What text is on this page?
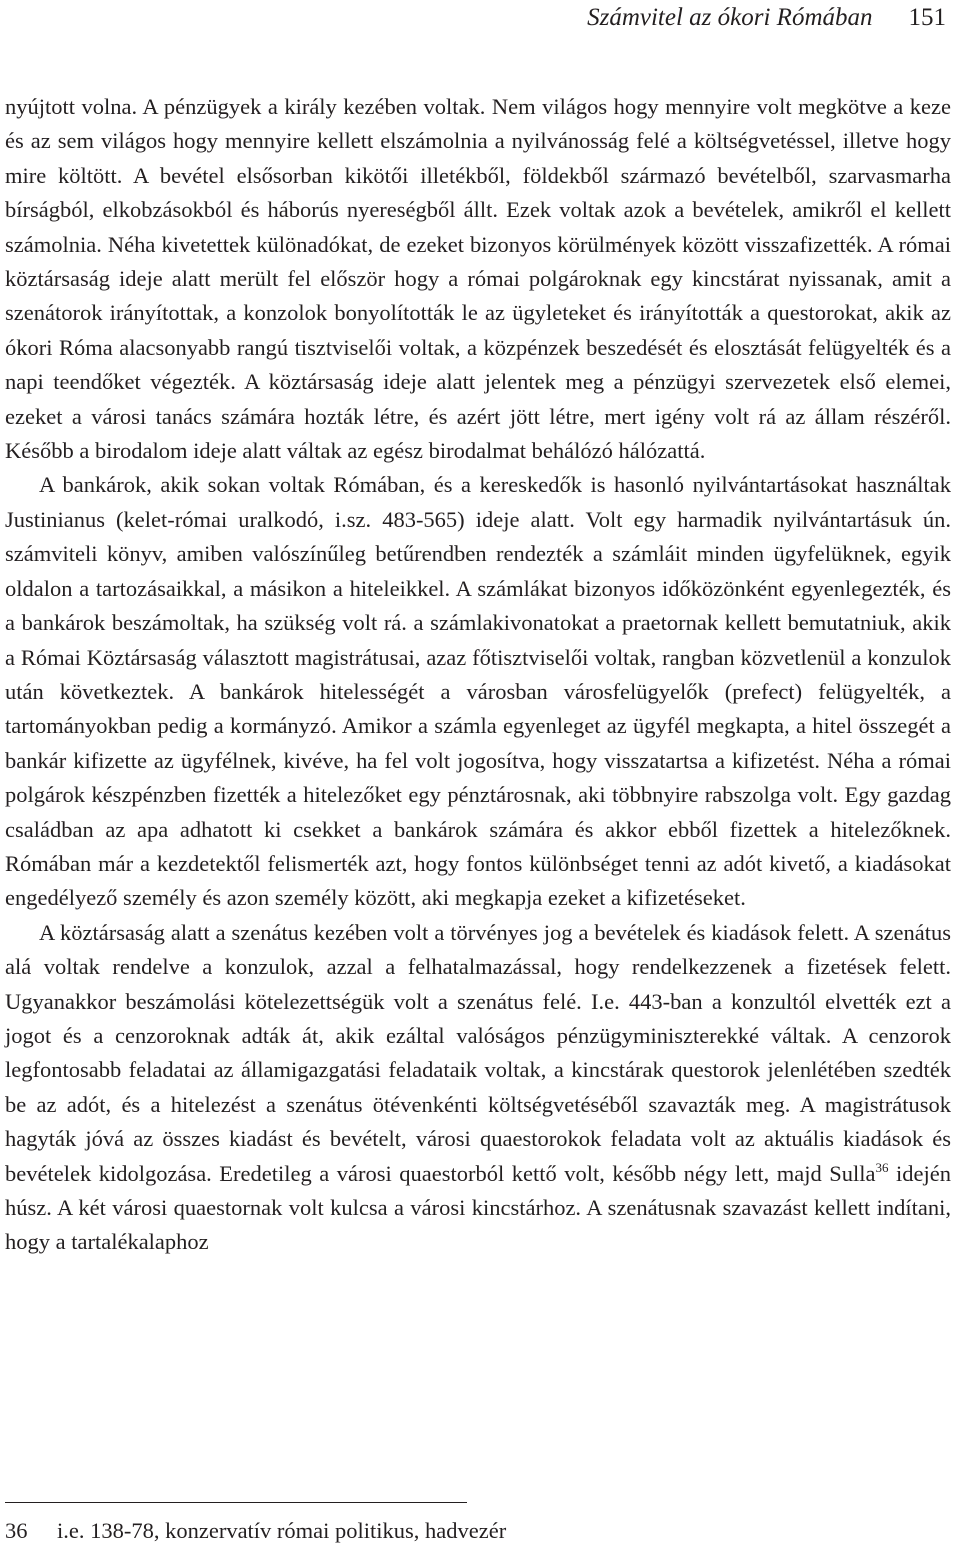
Számvitel az ókori Rómában 151

nyújtott volna. A pénzügyek a király kezében voltak. Nem világos hogy mennyire volt megkötve a keze és az sem világos hogy mennyire kellett elszámolnia a nyilvánosság felé a költségvetéssel, illetve hogy mire költött. A bevétel elsősorban kikötői illetékből, földekből származó bevételből, szarvasmarha bírságból, elkobzásokból és háborús nyereségből állt. Ezek voltak azok a bevételek, amikről el kellett számolnia. Néha kivetettek különadókat, de ezeket bizonyos körülmények között visszafizették. A római köztársaság ideje alatt merült fel először hogy a római polgároknak egy kincstárat nyissanak, amit a szenátorok irányítottak, a konzolok bonyolították le az ügyleteket és irányították a questorokat, akik az ókori Róma alacsonyabb rangú tisztviselői voltak, a közpénzek beszedését és elosztását felügyelték és a napi teendőket végezték. A köztársaság ideje alatt jelentek meg a pénzügyi szervezetek első elemei, ezeket a városi tanács számára hozták létre, és azért jött létre, mert igény volt rá az állam részéről. Később a birodalom ideje alatt váltak az egész birodalmat behálózó hálózattá.

A bankárok, akik sokan voltak Rómában, és a kereskedők is hasonló nyilvántartásokat használtak Justinianus (kelet-római uralkodó, i.sz. 483-565) ideje alatt. Volt egy harmadik nyilvántartásuk ún. számviteli könyv, amiben valószínűleg betűrendben rendezték a számláit minden ügyfelüknek, egyik oldalon a tartozásaikkal, a másikon a hiteleikkel. A számlákat bizonyos időközönként egyenlegezték, és a bankárok beszámoltak, ha szükség volt rá. a számlakivonatokat a praetornak kellett bemutatniuk, akik a Római Köztársaság választott magistrátusai, azaz főtisztviselői voltak, rangban közvetlenül a konzulok után következtek. A bankárok hitelességét a városban városfelügyelők (prefect) felügyelték, a tartományokban pedig a kormányzó. Amikor a számla egyenleget az ügyfél megkapta, a hitel összegét a bankár kifizette az ügyfélnek, kivéve, ha fel volt jogosítva, hogy visszatartsa a kifizetést. Néha a római polgárok készpénzben fizették a hitelezőket egy pénztárosnak, aki többnyire rabszolga volt. Egy gazdag családban az apa adhatott ki csekket a bankárok számára és akkor ebből fizettek a hitelezőknek. Rómában már a kezdetektől felismerték azt, hogy fontos különbséget tenni az adót kivető, a kiadásokat engedélyező személy és azon személy között, aki megkapja ezeket a kifizetéseket.

A köztársaság alatt a szenátus kezében volt a törvényes jog a bevételek és kiadások felett. A szenátus alá voltak rendelve a konzulok, azzal a felhatalmazással, hogy rendelkezzenek a fizetések felett. Ugyanakkor beszámolási kötelezettségük volt a szenátus felé. I.e. 443-ban a konzultól elvették ezt a jogot és a cenzoroknak adták át, akik ezáltal valóságos pénzügyminiszterekké váltak. A cenzorok legfontosabb feladatai az államigazgatási feladataik voltak, a kincstárak questorok jelenlétében szedték be az adót, és a hitelezést a szenátus ötévenkénti költségvetéséből szavazták meg. A magistrátusok hagyták jóvá az összes kiadást és bevételt, városi quaestorokok feladata volt az aktuális kiadások és bevételek kidolgozása. Eredetileg a városi quaestorból kettő volt, később négy lett, majd Sulla$^{36}$ idején húsz. A két városi quaestornak volt kulcsa a városi kincstárhoz. A szenátusnak szavazást kellett indítani, hogy a tartalékalaphoz

36 i.e. 138-78, konzervatív római politikus, hadvezér
